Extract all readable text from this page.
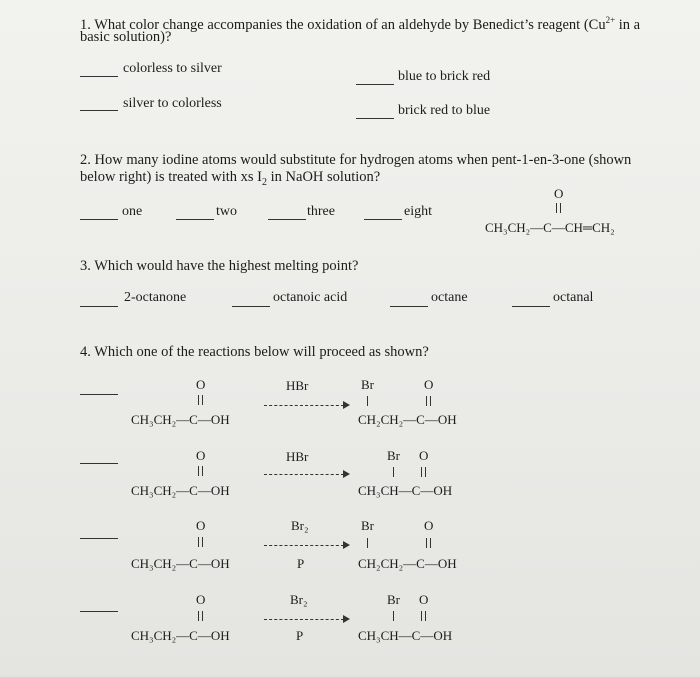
1. What color change accompanies the oxidation of an aldehyde by Benedict’s reagent ($Cu^{2+}$ in a
basic solution)?
colorless to silver
blue to brick red
silver to colorless	brick red to blue
2. How many iodine atoms would substitute for hydrogen atoms when pent-1-en-3-one (shown
below right) is treated with xs $I_2$ in NaOH solution?
one	two	three	eight
O
CH₃CH₂—C—CH═CH₂
3. Which would have the highest melting point?
2-octanone	octanoic acid	octane	octanal
4. Which one of the reactions below will proceed as shown?
O
CH₃CH₂—C—OH
HBr	Br	O
CH₂CH₂—C—OH
O
CH₃CH₂—C—OH
HBr	Br O
CH₃CH—C—OH
O
CH₃CH₂—C—OH
Br₂
P
Br	O
CH₂CH₂—C—OH
O
CH₃CH₂—C—OH
Br₂
P
Br O
CH₃CH—C—OH
